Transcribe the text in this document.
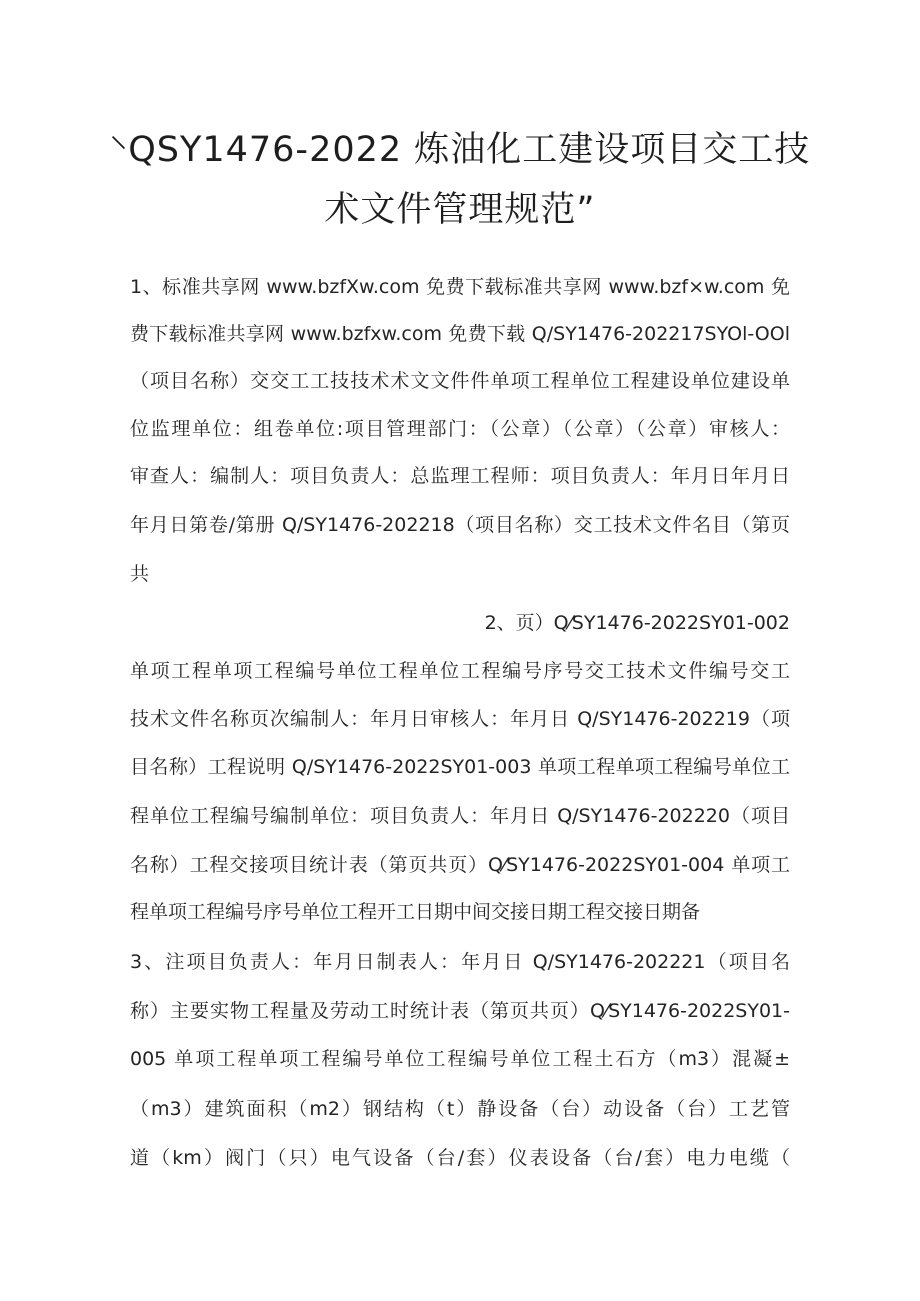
⸌QSY1476-2022 炼油化工建设项目交工技
术文件管理规范”
1、标准共享网 www.bzfXw.com 免费下载标准共享网 www.bzf×w.com 免
费下载标准共享网 www.bzfxw.com 免费下载 Q/SY1476-202217SYOl-OOl
（项目名称）交交工工技技术术文文件件单项工程单位工程建设单位建设单
位监理单位：组卷单位:项目管理部门：（公章）（公章）（公章）审核人：
审查人：编制人：项目负责人：总监理工程师：项目负责人：年月日年月日
年月日第卷/第册 Q/SY1476-202218（项目名称）交工技术文件名目（第页
共
2、页）Q⁄SY1476-2022SY01-002
单项工程单项工程编号单位工程单位工程编号序号交工技术文件编号交工
技术文件名称页次编制人：年月日审核人：年月日 Q/SY1476-202219（项
目名称）工程说明 Q/SY1476-2022SY01-003 单项工程单项工程编号单位工
程单位工程编号编制单位：项目负责人：年月日 Q/SY1476-202220（项目
名称）工程交接项目统计表（第页共页）Q⁄SY1476-2022SY01-004 单项工
程单项工程编号序号单位工程开工日期中间交接日期工程交接日期备
3、注项目负责人：年月日制表人：年月日 Q/SY1476-202221（项目名
称）主要实物工程量及劳动工时统计表（第页共页）Q⁄SY1476-2022SY01-
005 单项工程单项工程编号单位工程编号单位工程土石方（m3）混凝±
（m3）建筑面积（m2）钢结构（t）静设备（台）动设备（台）工艺管
道（km）阀门（只）电气设备（台/套）仪表设备（台/套）电力电缆（
